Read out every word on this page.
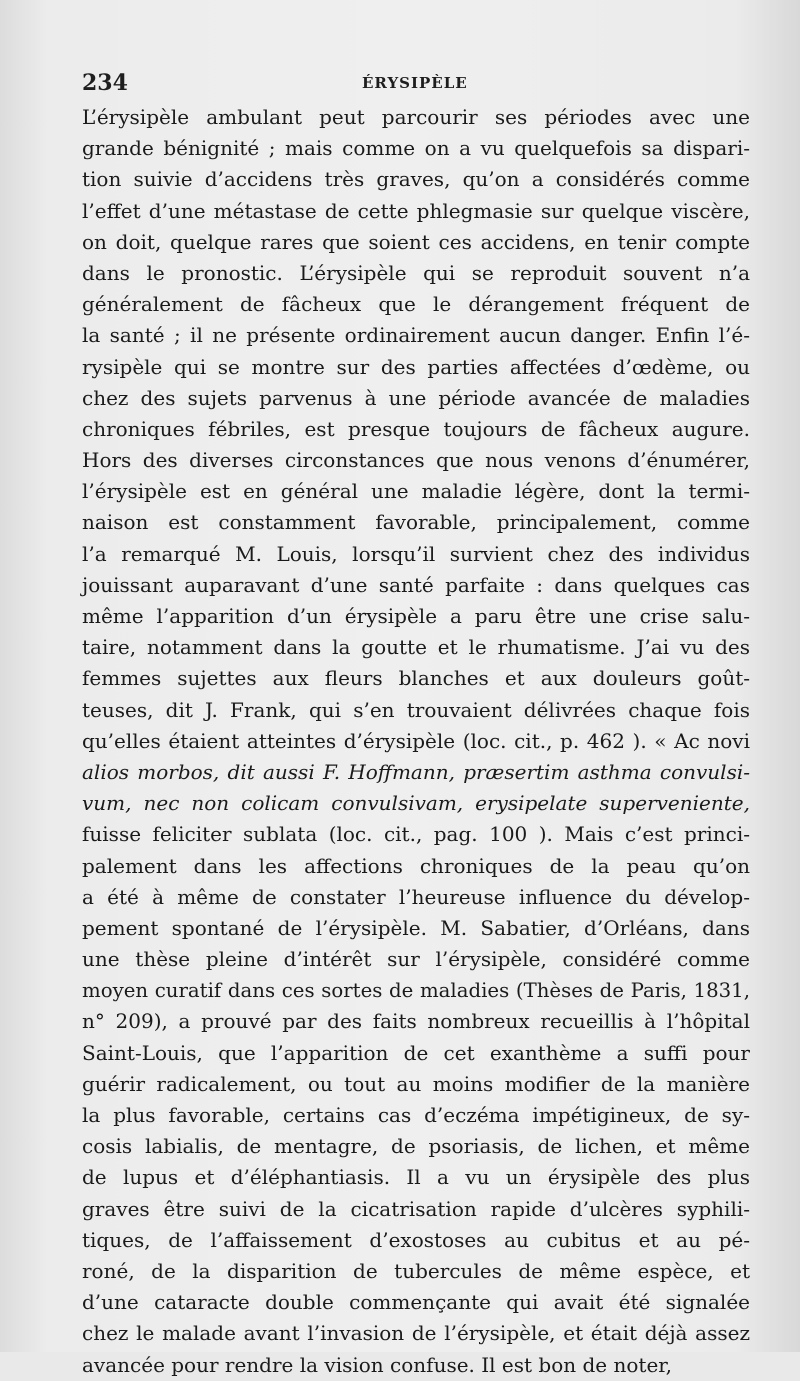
234	ÉRYSIPÈLE
L’érysipèle ambulant peut parcourir ses périodes avec une
grande bénignité ; mais comme on a vu quelquefois sa dispari-
tion suivie d’accidens très graves, qu’on a considérés comme
l’effet d’une métastase de cette phlegmasie sur quelque viscère,
on doit, quelque rares que soient ces accidens, en tenir compte
dans le pronostic. L’érysipèle qui se reproduit souvent n’a
généralement de fâcheux que le dérangement fréquent de
la santé ; il ne présente ordinairement aucun danger. Enfin l’é-
rysipèle qui se montre sur des parties affectées d’œdème, ou
chez des sujets parvenus à une période avancée de maladies
chroniques fébriles, est presque toujours de fâcheux augure.
Hors des diverses circonstances que nous venons d’énumérer,
l’érysipèle est en général une maladie légère, dont la termi-
naison est constamment favorable, principalement, comme
l’a remarqué M. Louis, lorsqu’il survient chez des individus
jouissant auparavant d’une santé parfaite : dans quelques cas
même l’apparition d’un érysipèle a paru être une crise salu-
taire, notamment dans la goutte et le rhumatisme. J’ai vu des
femmes sujettes aux fleurs blanches et aux douleurs goût-
teuses, dit J. Frank, qui s’en trouvaient délivrées chaque fois
qu’elles étaient atteintes d’érysipèle (loc. cit., p. 462 ). « Ac novi
alios morbos, dit aussi F. Hoffmann, præsertim asthma convulsi-
vum, nec non colicam convulsivam, erysipelate superveniente,
fuisse feliciter sublata (loc. cit., pag. 100 ). Mais c’est princi-
palement dans les affections chroniques de la peau qu’on
a été à même de constater l’heureuse influence du dévelop-
pement spontané de l’érysipèle. M. Sabatier, d’Orléans, dans
une thèse pleine d’intérêt sur l’érysipèle, considéré comme
moyen curatif dans ces sortes de maladies (Thèses de Paris, 1831,
n° 209), a prouvé par des faits nombreux recueillis à l’hôpital
Saint-Louis, que l’apparition de cet exanthème a suffi pour
guérir radicalement, ou tout au moins modifier de la manière
la plus favorable, certains cas d’eczéma impétigineux, de sy-
cosis labialis, de mentagre, de psoriasis, de lichen, et même
de lupus et d’éléphantiasis. Il a vu un érysipèle des plus
graves être suivi de la cicatrisation rapide d’ulcères syphili-
tiques, de l’affaissement d’exostoses au cubitus et au pé-
roné, de la disparition de tubercules de même espèce, et
d’une cataracte double commençante qui avait été signalée
chez le malade avant l’invasion de l’érysipèle, et était déjà assez
avancée pour rendre la vision confuse. Il est bon de noter,
